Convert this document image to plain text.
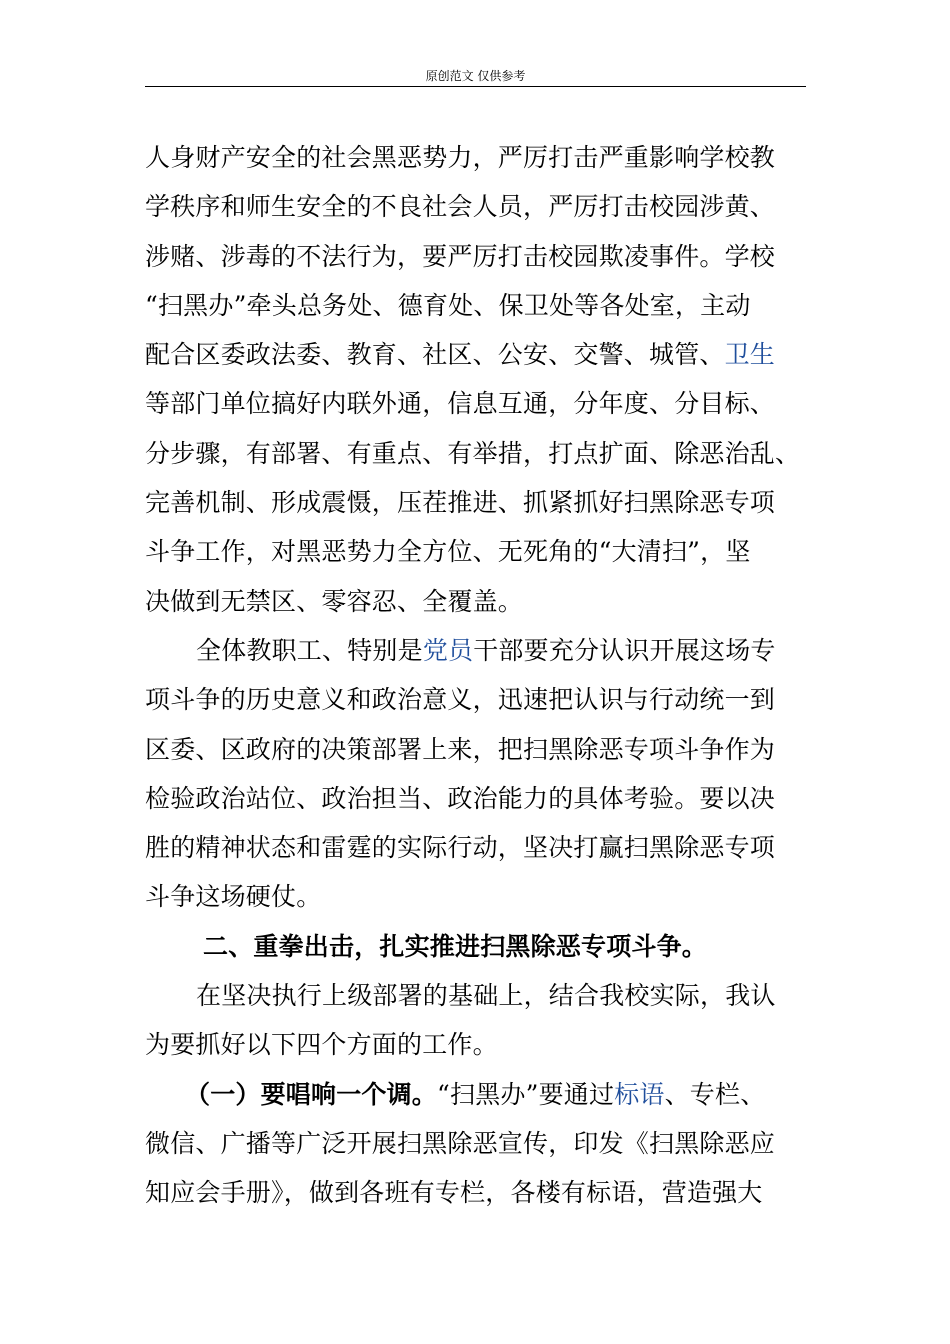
原创范文 仅供参考
人身财产安全的社会黑恶势力，严厉打击严重影响学校教
学秩序和师生安全的不良社会人员，严厉打击校园涉黄、
涉赌、涉毒的不法行为，要严厉打击校园欺凌事件。学校
“扫黑办”牵头总务处、德育处、保卫处等各处室，主动
配合区委政法委、教育、社区、公安、交警、城管、卫生
等部门单位搞好内联外通，信息互通，分年度、分目标、
分步骤，有部署、有重点、有举措，打点扩面、除恶治乱、
完善机制、形成震慑，压茬推进、抓紧抓好扫黑除恶专项
斗争工作，对黑恶势力全方位、无死角的“大清扫”，坚
决做到无禁区、零容忍、全覆盖。
全体教职工、特别是党员干部要充分认识开展这场专
项斗争的历史意义和政治意义，迅速把认识与行动统一到
区委、区政府的决策部署上来，把扫黑除恶专项斗争作为
检验政治站位、政治担当、政治能力的具体考验。要以决
胜的精神状态和雷霆的实际行动，坚决打赢扫黑除恶专项
斗争这场硬仗。
二、重拳出击，扎实推进扫黑除恶专项斗争。
在坚决执行上级部署的基础上，结合我校实际，我认
为要抓好以下四个方面的工作。
（一）要唱响一个调。“扫黑办”要通过标语、专栏、
微信、广播等广泛开展扫黑除恶宣传，印发《扫黑除恶应
知应会手册》，做到各班有专栏，各楼有标语，营造强大
